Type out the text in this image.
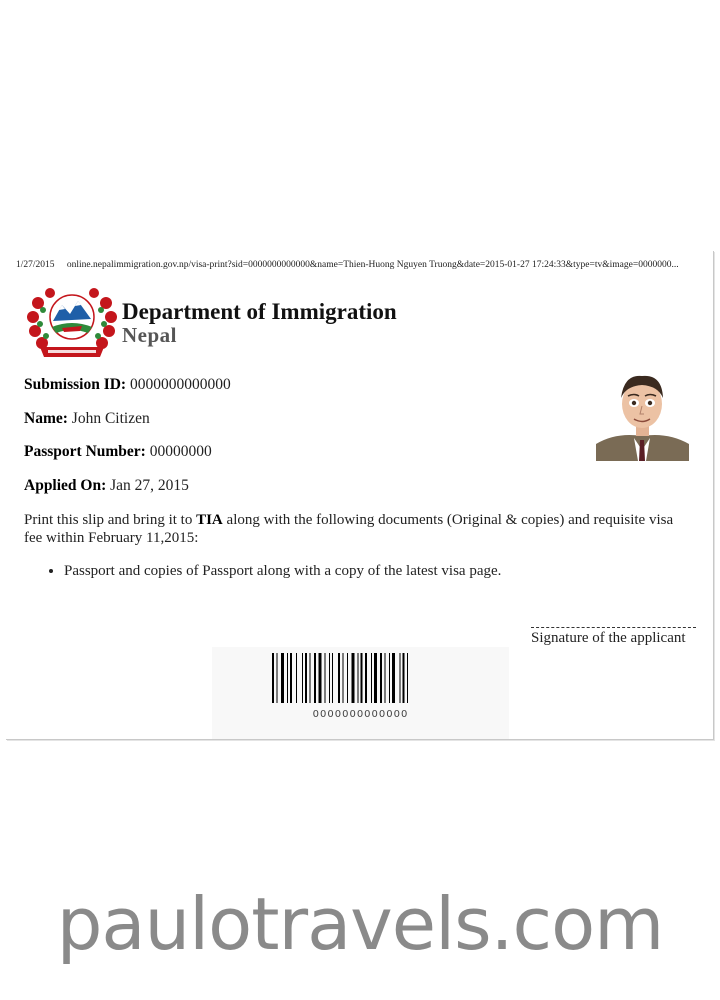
1/27/2015 online.nepalimmigration.gov.np/visa-print?sid=0000000000000&name=Thien-Huong Nguyen Truong&date=2015-01-27 17:24:33&type=tv&image=0000000...
Department of Immigration
Nepal
Submission ID: 0000000000000
Name: John Citizen
Passport Number: 00000000
Applied On: Jan 27, 2015
Print this slip and bring it to TIA along with the following documents (Original & copies) and requisite visa fee within February 11,2015:
• Passport and copies of Passport along with a copy of the latest visa page.
Signature of the applicant
0000000000000
paulotravels.com
